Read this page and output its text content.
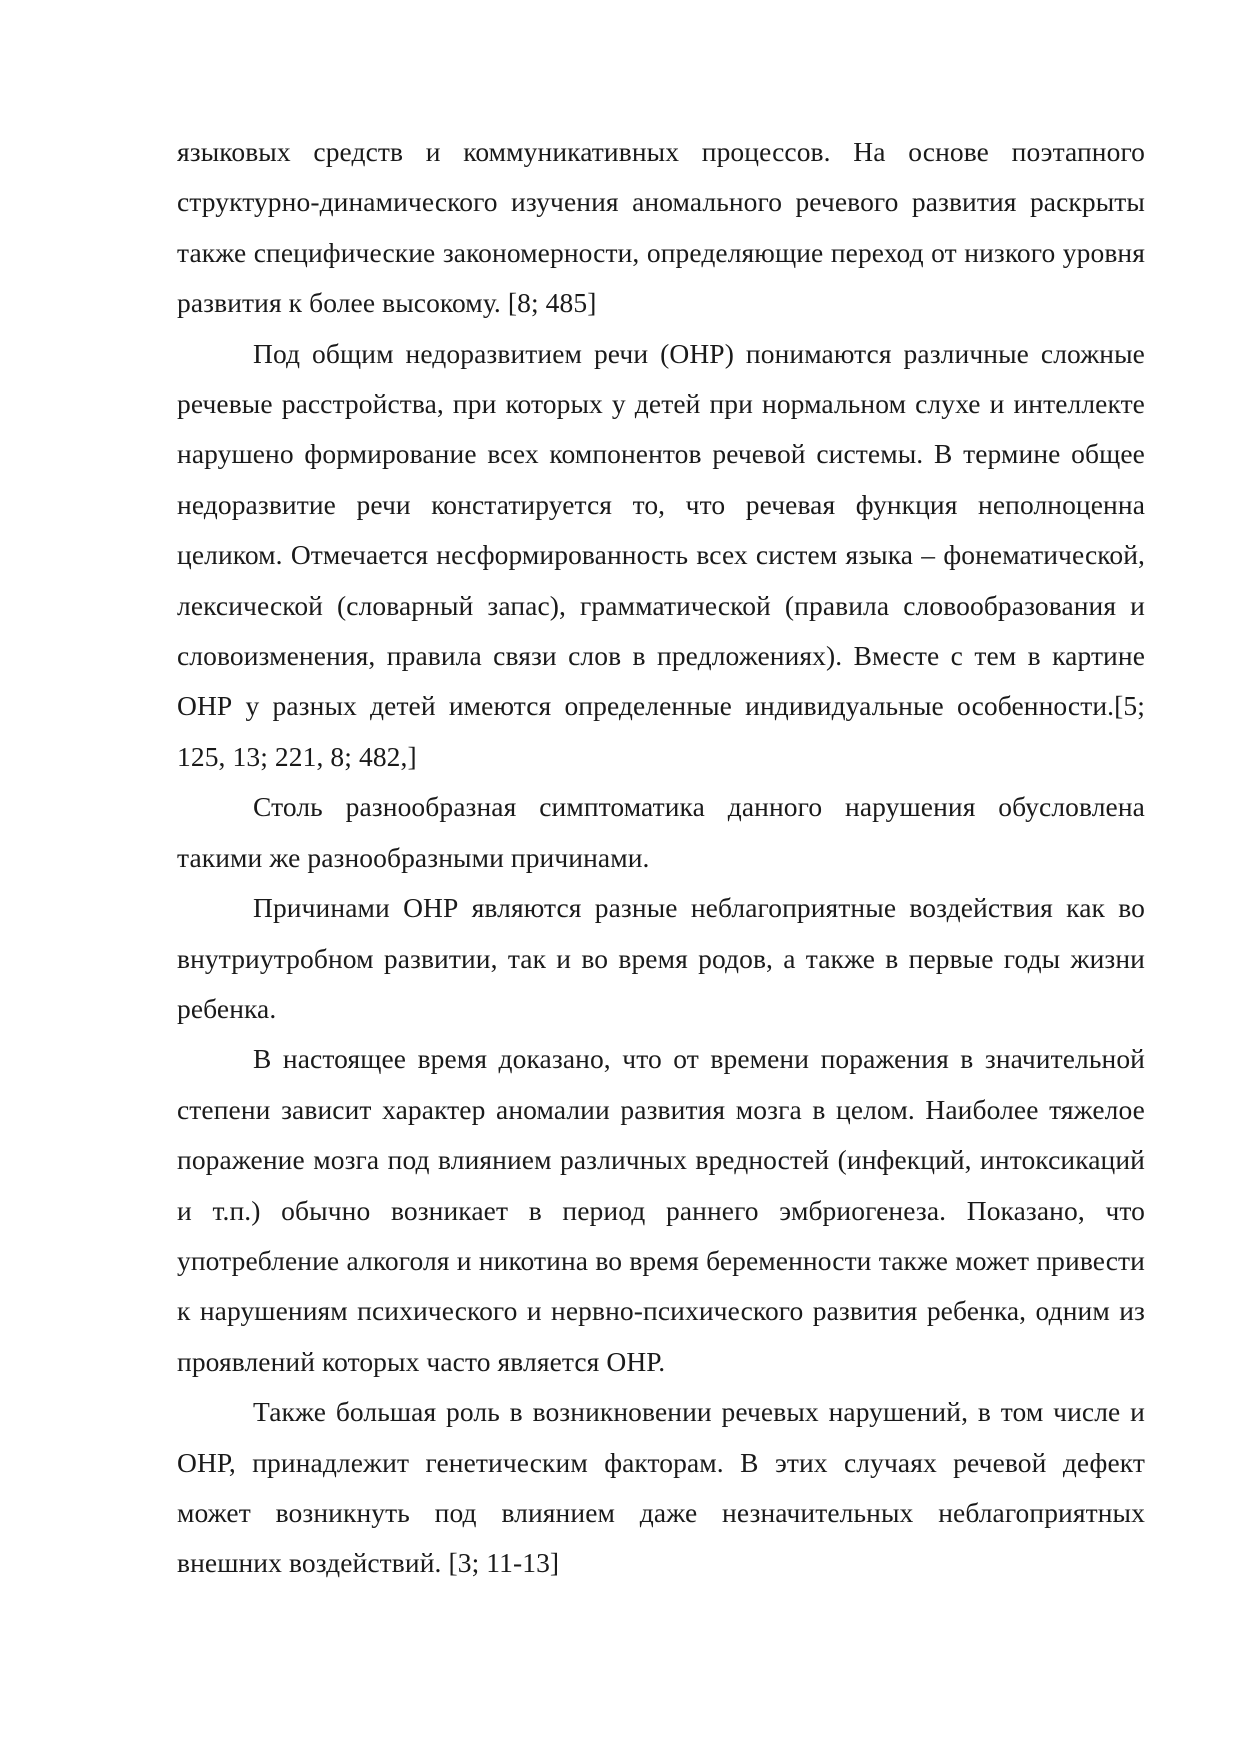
языковых средств и коммуникативных процессов. На основе поэтапного структурно-динамического изучения аномального речевого развития раскрыты также специфические закономерности, определяющие переход от низкого уровня развития к более высокому. [8; 485]

Под общим недоразвитием речи (ОНР) понимаются различные сложные речевые расстройства, при которых у детей при нормальном слухе и интеллекте нарушено формирование всех компонентов речевой системы. В термине общее недоразвитие речи констатируется то, что речевая функция неполноценна целиком. Отмечается несформированность всех систем языка – фонематической, лексической (словарный запас), грамматической (правила словообразования и словоизменения, правила связи слов в предложениях). Вместе с тем в картине ОНР у разных детей имеются определенные индивидуальные особенности.[5; 125, 13; 221, 8; 482,]

Столь разнообразная симптоматика данного нарушения обусловлена такими же разнообразными причинами.

Причинами ОНР являются разные неблагоприятные воздействия как во внутриутробном развитии, так и во время родов, а также в первые годы жизни ребенка.

В настоящее время доказано, что от времени поражения в значительной степени зависит характер аномалии развития мозга в целом. Наиболее тяжелое поражение мозга под влиянием различных вредностей (инфекций, интоксикаций и т.п.) обычно возникает в период раннего эмбриогенеза. Показано, что употребление алкоголя и никотина во время беременности также может привести к нарушениям психического и нервно-психического развития ребенка, одним из проявлений которых часто является ОНР.

Также большая роль в возникновении речевых нарушений, в том числе и ОНР, принадлежит генетическим факторам. В этих случаях речевой дефект может возникнуть под влиянием даже незначительных неблагоприятных внешних воздействий. [3; 11-13]
